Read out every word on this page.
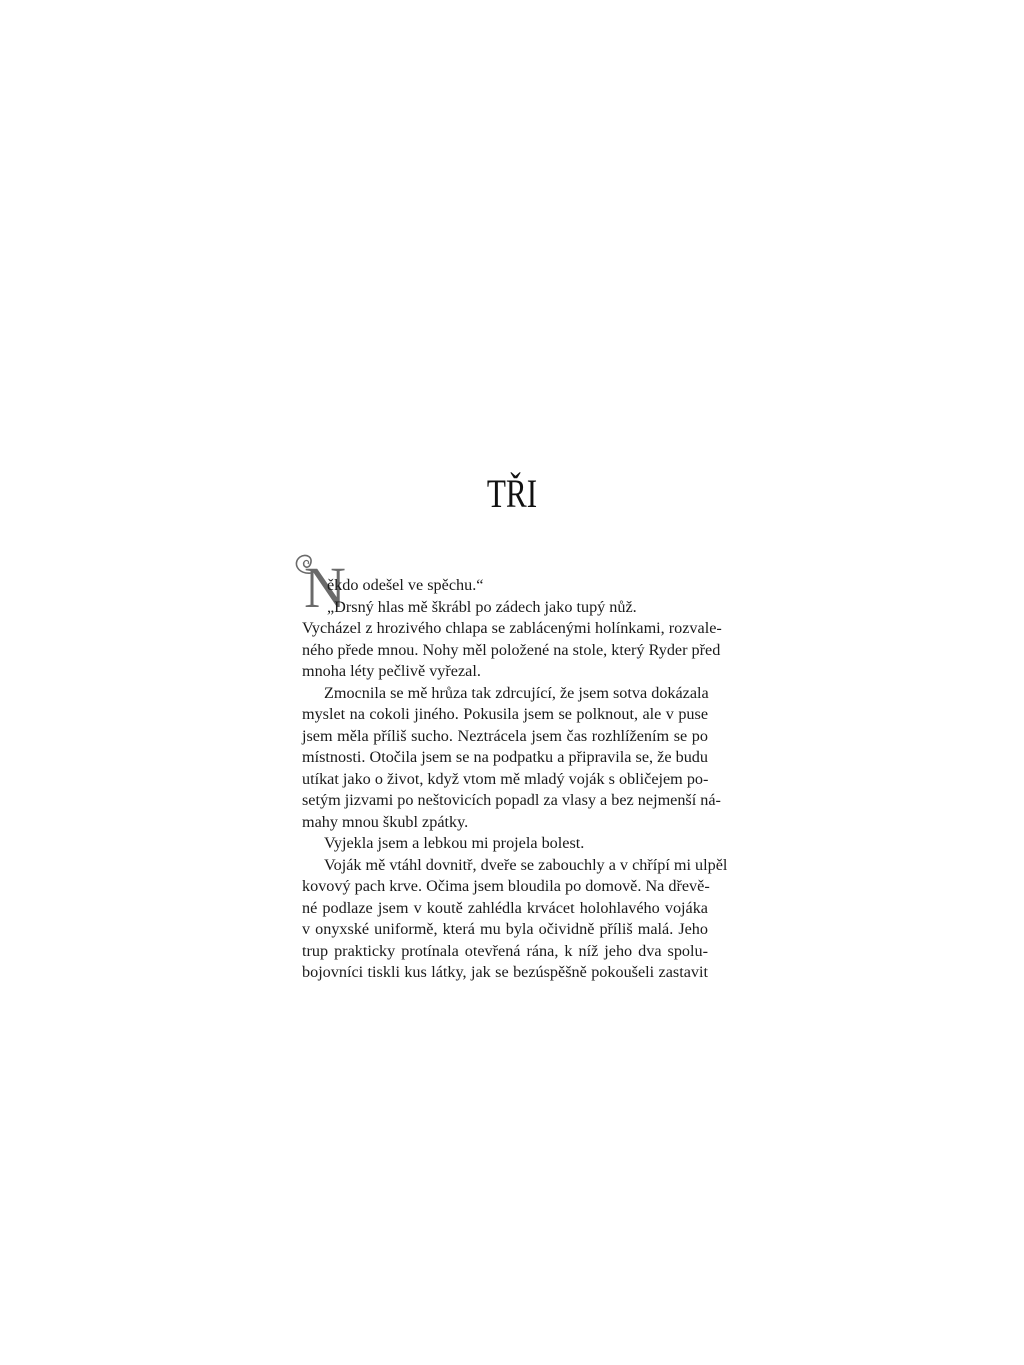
TŘI
N
ěkdo odešel ve spěchu.“
„Drsný hlas mě škrábl po zádech jako tupý nůž.
Vycházel z hrozivého chlapa se zablácenými holínkami, rozvale-
ného přede mnou. Nohy měl položené na stole, který Ryder před
mnoha léty pečlivě vyřezal.
Zmocnila se mě hrůza tak zdrcující, že jsem sotva dokázala
myslet na cokoli jiného. Pokusila jsem se polknout, ale v puse
jsem měla příliš sucho. Neztrácela jsem čas rozhlížením se po
místnosti. Otočila jsem se na podpatku a připravila se, že budu
utíkat jako o život, když vtom mě mladý voják s obličejem po-
setým jizvami po neštovicích popadl za vlasy a bez nejmenší ná-
mahy mnou škubl zpátky.
Vyjekla jsem a lebkou mi projela bolest.
Voják mě vtáhl dovnitř, dveře se zabouchly a v chřípí mi ulpěl
kovový pach krve. Očima jsem bloudila po domově. Na dřevě-
né podlaze jsem v koutě zahlédla krvácet holohlavého vojáka
v onyxské uniformě, která mu byla očividně příliš malá. Jeho
trup prakticky protínala otevřená rána, k níž jeho dva spolu-
bojovníci tiskli kus látky, jak se bezúspěšně pokoušeli zastavit
